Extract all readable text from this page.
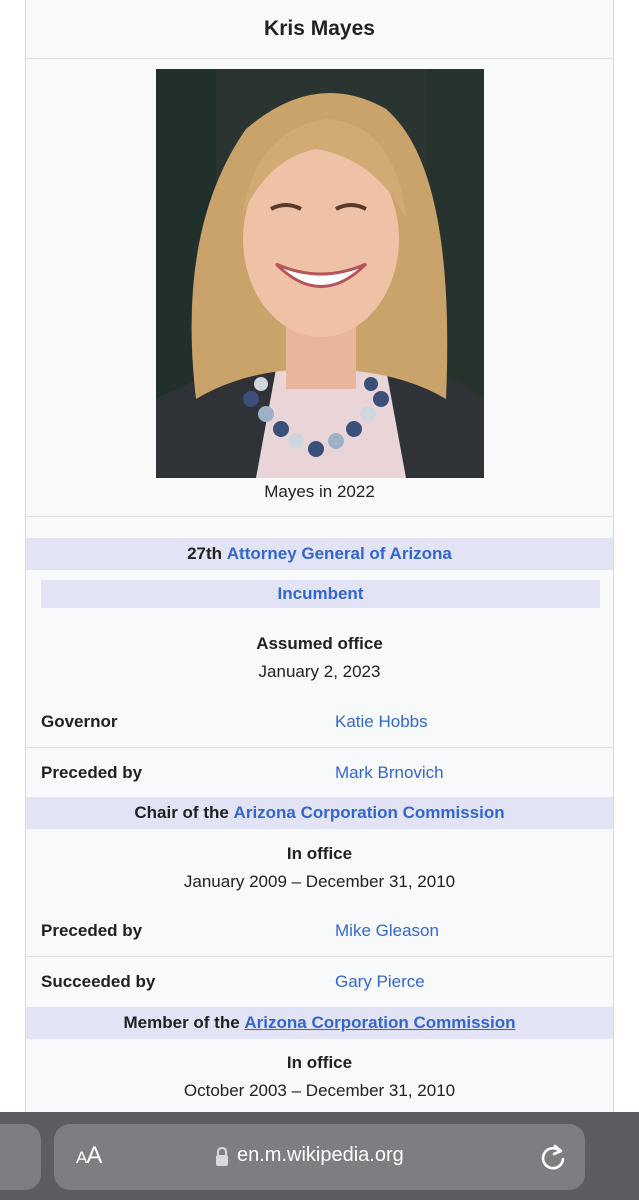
Kris Mayes
Mayes in 2022
27th Attorney General of Arizona
Incumbent
Assumed office
January 2, 2023
Governor	Katie Hobbs
Preceded by	Mark Brnovich
Chair of the Arizona Corporation Commission
In office
January 2009 – December 31, 2010
Preceded by	Mike Gleason
Succeeded by	Gary Pierce
Member of the Arizona Corporation Commission
In office
October 2003 – December 31, 2010
AA	en.m.wikipedia.org
